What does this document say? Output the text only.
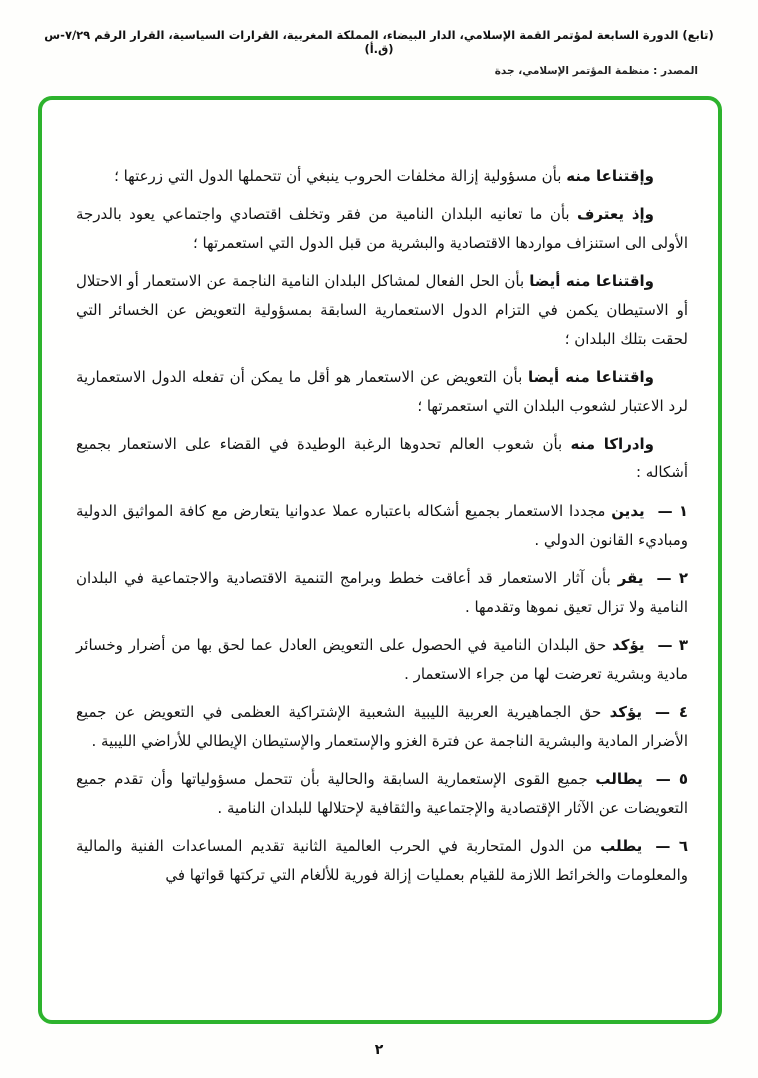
(تابع) الدورة السابعة لمؤتمر القمة الإسلامي، الدار البيضاء، المملكة المغربية، القرارات السياسية، القرار الرقم ٧/٢٩-س (ق.أ)
المصدر : منظمة المؤتمر الإسلامي، جدة

وإقتناعا منه بأن مسؤولية إزالة مخلفات الحروب ينبغي أن تتحملها الدول التي زرعتها ؛

وإذ يعترف بأن ما تعانيه البلدان النامية من فقر وتخلف اقتصادي واجتماعي يعود بالدرجة الأولى الى استنزاف مواردها الاقتصادية والبشرية من قبل الدول التي استعمرتها ؛

واقتناعا منه أيضا بأن الحل الفعال لمشاكل البلدان النامية الناجمة عن الاستعمار أو الاحتلال أو الاستيطان يكمن في التزام الدول الاستعمارية السابقة بمسؤولية التعويض عن الخسائر التي لحقت بتلك البلدان ؛

واقتناعا منه أيضا بأن التعويض عن الاستعمار هو أقل ما يمكن أن تفعله الدول الاستعمارية لرد الاعتبار لشعوب البلدان التي استعمرتها ؛

وادراكا منه بأن شعوب العالم تحدوها الرغبة الوطيدة في القضاء على الاستعمار بجميع أشكاله :

١ —يدين مجددا الاستعمار بجميع أشكاله باعتباره عملا عدوانيا يتعارض مع كافة المواثيق الدولية ومباديء القانون الدولي .
٢ —يقر بأن آثار الاستعمار قد أعاقت خطط وبرامج التنمية الاقتصادية والاجتماعية في البلدان النامية ولا تزال تعيق نموها وتقدمها .
٣ —يؤكد حق البلدان النامية في الحصول على التعويض العادل عما لحق بها من أضرار وخسائر مادية وبشرية تعرضت لها من جراء الاستعمار .
٤ —يؤكد حق الجماهيرية العربية الليبية الشعبية الإشتراكية العظمى في التعويض عن جميع الأضرار المادية والبشرية الناجمة عن فترة الغزو والإستعمار والإستيطان الإيطالي للأراضي الليبية .
٥ —يطالب جميع القوى الإستعمارية السابقة والحالية بأن تتحمل مسؤولياتها وأن تقدم جميع التعويضات عن الآثار الإقتصادية والإجتماعية والثقافية لإحتلالها للبلدان النامية .
٦ —يطلب من الدول المتحاربة في الحرب العالمية الثانية تقديم المساعدات الفنية والمالية والمعلومات والخرائط اللازمة للقيام بعمليات إزالة فورية للألغام التي تركتها قواتها في
٢
